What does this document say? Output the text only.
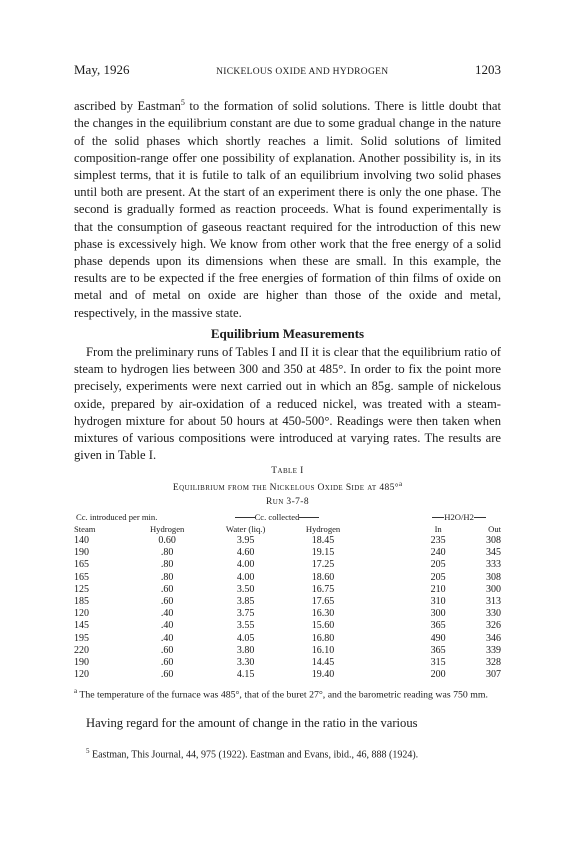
May, 1926	NICKELOUS OXIDE AND HYDROGEN	1203

ascribed by Eastman$^5$ to the formation of solid solutions. There is little doubt that the changes in the equilibrium constant are due to some gradual change in the nature of the solid phases which shortly reaches a limit. Solid solutions of limited composition-range offer one possibility of explanation. Another possibility is, in its simplest terms, that it is futile to talk of an equilibrium involving two solid phases until both are present. At the start of an experiment there is only the one phase. The second is gradually formed as reaction proceeds. What is found experimentally is that the consumption of gaseous reactant required for the introduction of this new phase is excessively high. We know from other work that the free energy of a solid phase depends upon its dimensions when these are small. In this example, the results are to be expected if the free energies of formation of thin films of oxide on metal and of metal on oxide are higher than those of the oxide and metal, respectively, in the massive state.

Equilibrium Measurements

From the preliminary runs of Tables I and II it is clear that the equilibrium ratio of steam to hydrogen lies between 300 and 350 at 485°. In order to fix the point more precisely, experiments were next carried out in which an 85g. sample of nickelous oxide, prepared by air-oxidation of a reduced nickel, was treated with a steam-hydrogen mixture for about 50 hours at 450-500°. Readings were then taken when mixtures of various compositions were introduced at varying rates. The results are given in Table I.

Table I
Equilibrium from the Nickelous Oxide Side at 485°$^a$
Run 3-7-8
Cc. introduced per min.		Cc. collected			H2O/H2	
Steam	Hydrogen	Water (liq.)	Hydrogen		In	Out
140	0.60	3.95	18.45		235	308
190	.80	4.60	19.15		240	345
165	.80	4.00	17.25		205	333
165	.80	4.00	18.60		205	308
125	.60	3.50	16.75		210	300
185	.60	3.85	17.65		310	313
120	.40	3.75	16.30		300	330
145	.40	3.55	15.60		365	326
195	.40	4.05	16.80		490	346
220	.60	3.80	16.10		365	339
190	.60	3.30	14.45		315	328
120	.60	4.15	19.40		200	307
$^a$ The temperature of the furnace was 485°, that of the buret 27°, and the barometric reading was 750 mm.

Having regard for the amount of change in the ratio in the various

$^5$ Eastman, This Journal, 44, 975 (1922). Eastman and Evans, ibid., 46, 888 (1924).
